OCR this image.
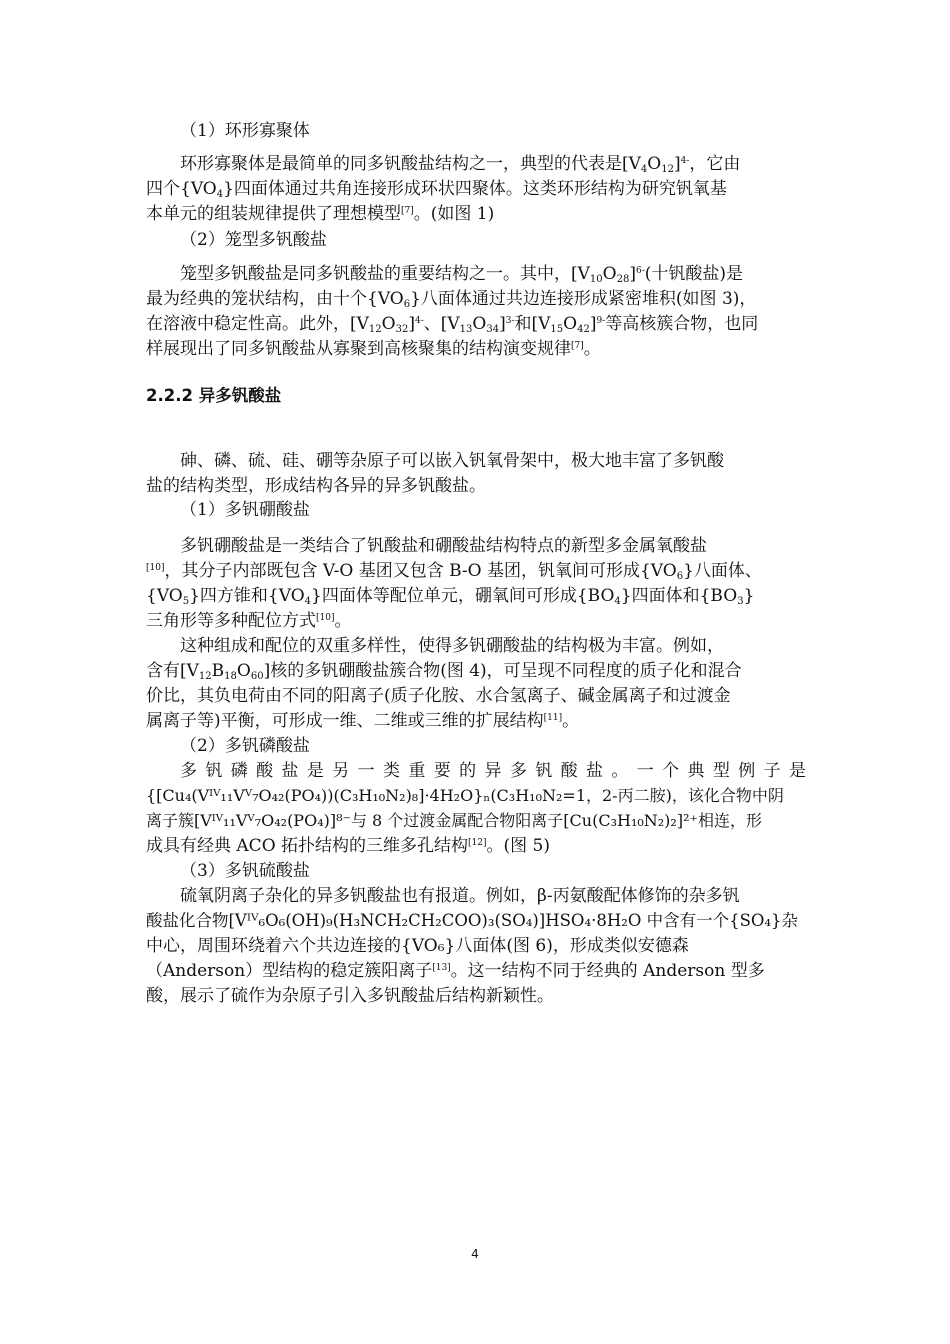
（1）环形寡聚体
环形寡聚体是最简单的同多钒酸盐结构之一，典型的代表是$[V_4O_{12}]^{4-}$，它由
四个$\{VO_4\}$四面体通过共角连接形成环状四聚体。这类环形结构为研究钒氧基
本单元的组装规律提供了理想模型[7]。(如图 1)
（2）笼型多钒酸盐
笼型多钒酸盐是同多钒酸盐的重要结构之一。其中，$[V_{10}O_{28}]^{6-}$(十钒酸盐)是
最为经典的笼状结构，由十个$\{VO_6\}$八面体通过共边连接形成紧密堆积(如图 3)，
在溶液中稳定性高。此外，$[V_{12}O_{32}]^{4-}$、$[V_{13}O_{34}]^{3-}$和$[V_{15}O_{42}]^{9-}$等高核簇合物，也同
样展现出了同多钒酸盐从寡聚到高核聚集的结构演变规律[7]。
2.2.2 异多钒酸盐
砷、磷、硫、硅、硼等杂原子可以嵌入钒氧骨架中，极大地丰富了多钒酸
盐的结构类型，形成结构各异的异多钒酸盐。
（1）多钒硼酸盐
多钒硼酸盐是一类结合了钒酸盐和硼酸盐结构特点的新型多金属氧酸盐
[10]，其分子内部既包含 V-O 基团又包含 B-O 基团，钒氧间可形成$\{VO_6\}$八面体、
$\{VO_5\}$四方锥和$\{VO_4\}$四面体等配位单元，硼氧间可形成$\{BO_4\}$四面体和$\{BO_3\}$
三角形等多种配位方式[10]。
这种组成和配位的双重多样性，使得多钒硼酸盐的结构极为丰富。例如，
含有$[V_{12}B_{18}O_{60}]$核的多钒硼酸盐簇合物(图 4)，可呈现不同程度的质子化和混合
价比，其负电荷由不同的阳离子(质子化胺、水合氢离子、碱金属离子和过渡金
属离子等)平衡，可形成一维、二维或三维的扩展结构[11]。
（2）多钒磷酸盐
多 钒 磷 酸 盐 是 另 一 类 重 要 的 异 多 钒 酸 盐 。 一 个 典 型 例 子 是
{[Cu₄(Vᴵⱽ₁₁Vⱽ₇O₄₂(PO₄))(C₃H₁₀N₂)₈]·4H₂O}ₙ(C₃H₁₀N₂=1，2-丙二胺)，该化合物中阴
离子簇[Vᴵⱽ₁₁Vⱽ₇O₄₂(PO₄)]⁸⁻与 8 个过渡金属配合物阳离子[Cu(C₃H₁₀N₂)₂]²⁺相连，形
成具有经典 ACO 拓扑结构的三维多孔结构[12]。(图 5)
（3）多钒硫酸盐
硫氧阴离子杂化的异多钒酸盐也有报道。例如，β-丙氨酸配体修饰的杂多钒
酸盐化合物[Vᴵⱽ₆O₆(OH)₉(H₃NCH₂CH₂COO)₃(SO₄)]HSO₄·8H₂O 中含有一个{SO₄}杂
中心，周围环绕着六个共边连接的{VO₆}八面体(图 6)，形成类似安德森
（Anderson）型结构的稳定簇阳离子[13]。这一结构不同于经典的 Anderson 型多
酸，展示了硫作为杂原子引入多钒酸盐后结构新颖性。
4
